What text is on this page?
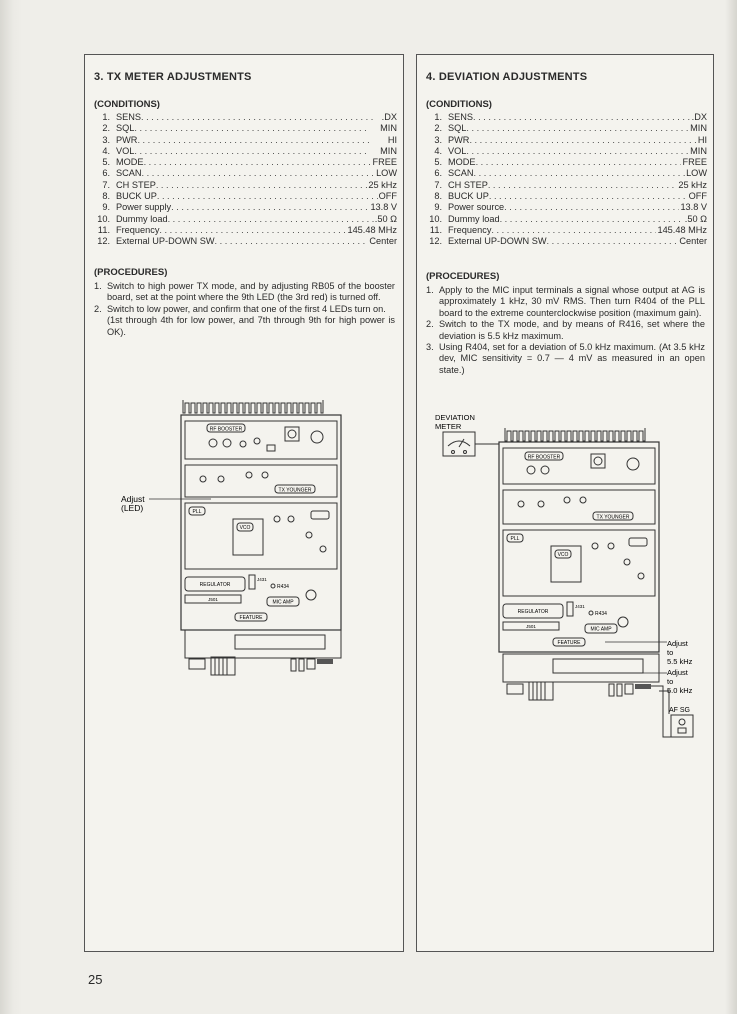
3. TX METER ADJUSTMENTS
(CONDITIONS)
1. SENS . . .	.DX
2. SQL . . .	MIN
3. PWR . . .	HI
4. VOL . . .	MIN
5. MODE . . .	FREE
6. SCAN . . .	LOW
7. CH STEP . . .	25 kHz
8. BUCK UP . . .	OFF
9. Power supply . . .	13.8 V
10. Dummy load . . .	.50 Ω
11. Frequency . . .	145.48 MHz
12. External UP-DOWN SW . . .	Center
(PROCEDURES)
1. Switch to high power TX mode, and by adjusting RB05 of the booster board, set at the point where the 9th LED (the 3rd red) is turned off.
2. Switch to low power, and confirm that one of the first 4 LEDs turn on.
(1st through 4th for low power, and 7th through 9th for high power is OK).
RF BOOSTER
TX YOUNGER
PLL
VCO
REGULATOR
J501
J431
R434
MIC AMP
FEATURE
Adjust
(LED)
4. DEVIATION ADJUSTMENTS
(CONDITIONS)
1. SENS . . .	.DX
2. SQL . . .	MIN
3. PWR . . .	HI
4. VOL . . .	MIN
5. MODE . . .	FREE
6. SCAN . . .	LOW
7. CH STEP . . .	25 kHz
8. BUCK UP . . .	OFF
9. Power source . . .	13.8 V
10. Dummy load . . .	.50 Ω
11. Frequency . . .	145.48 MHz
12. External UP-DOWN SW . . .	Center
(PROCEDURES)
1. Apply to the MIC input terminals a signal whose output at AG is approximately 1 kHz, 30 mV RMS. Then turn R404 of the PLL board to the extreme counterclockwise position (maximum gain).
2. Switch to the TX mode, and by means of R416, set where the deviation is 5.5 kHz maximum.
3. Using R404, set for a deviation of 5.0 kHz maximum. (At 3.5 kHz dev, MIC sensitivity = 0.7 — 4 mV as measured in an open state.)
DEVIATION
METER
RF BOOSTER
TX YOUNGER
PLL
VCO
REGULATOR
J501
J431
R434
MIC AMP
FEATURE	Adjust
to
5.5 kHz
Adjust
to
5.0 kHz
AF SG
25
